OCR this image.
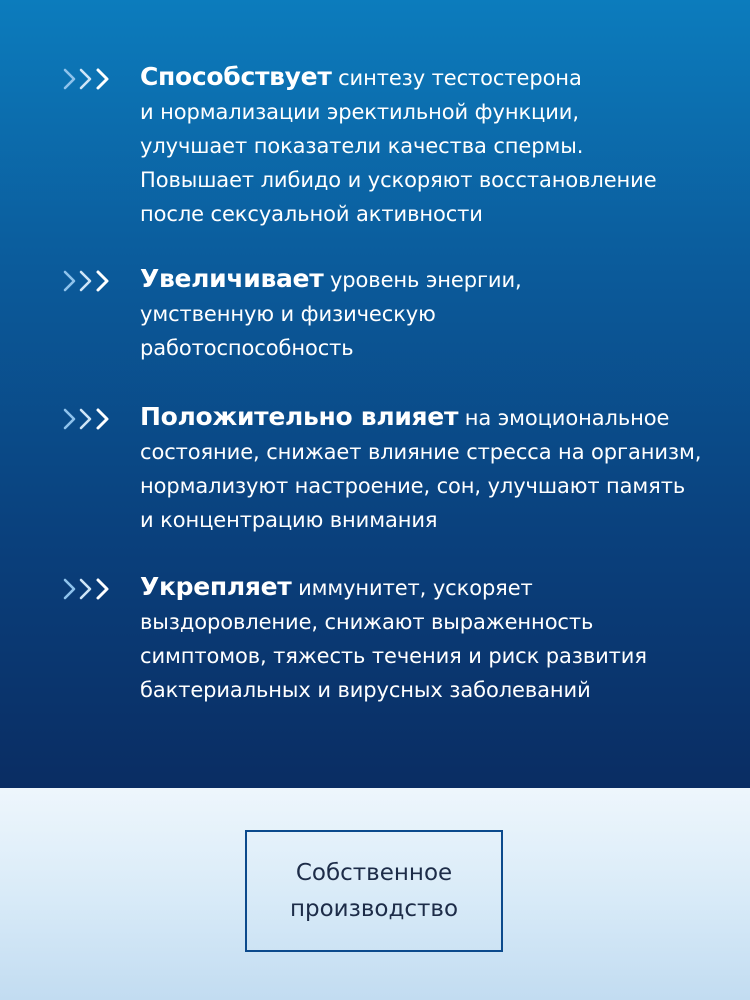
Способствует синтезу тестостерона
и нормализации эректильной функции,
улучшает показатели качества спермы.
Повышает либидо и ускоряют восстановление
после сексуальной активности
Увеличивает уровень энергии,
умственную и физическую
работоспособность
Положительно влияет на эмоциональное
состояние, снижает влияние стресса на организм,
нормализуют настроение, сон, улучшают память
и концентрацию внимания
Укрепляет иммунитет, ускоряет
выздоровление, снижают выраженность
симптомов, тяжесть течения и риск развития
бактериальных и вирусных заболеваний
Собственное
производство
